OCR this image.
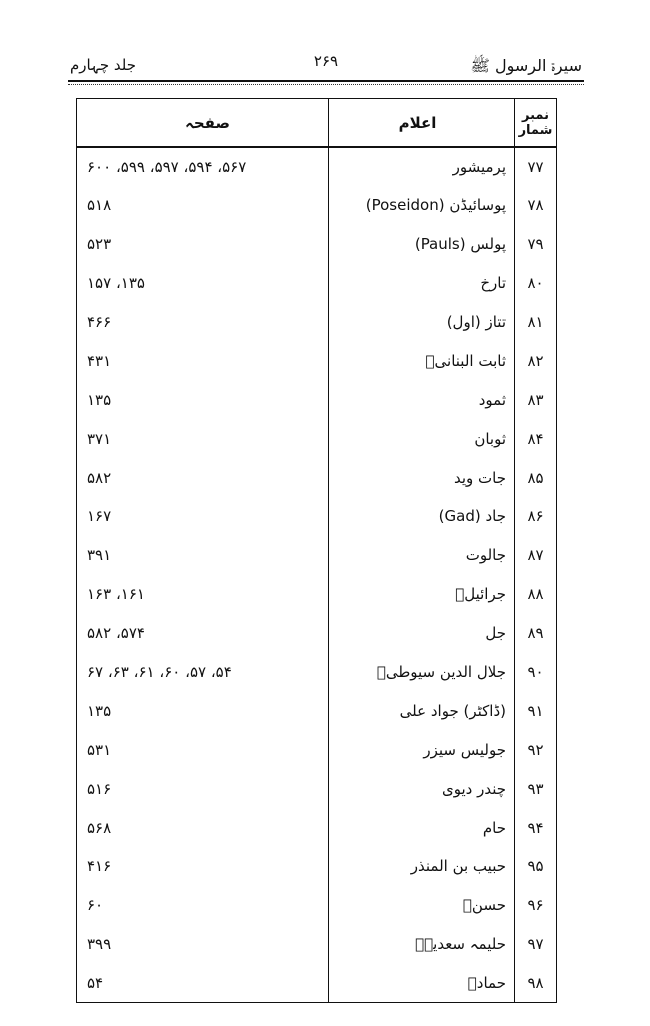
جلد چہارم	۲۶۹	سیرۃ الرسول ﷺ
نمبر شمار	اعلام	صفحہ
۷۷	پرمیشور	۵۶۷، ۵۹۴، ۵۹۷، ۵۹۹، ۶۰۰
۷۸	پوسائیڈن (Poseidon)	۵۱۸
۷۹	پولس (Pauls)	۵۲۳
۸۰	تارخ	۱۳۵، ۱۵۷
۸۱	تتاز (اول)	۴۶۶
۸۲	ثابت البنانیؒ	۴۳۱
۸۳	ثمود	۱۳۵
۸۴	ثوبان	۳۷۱
۸۵	جات وید	۵۸۲
۸۶	جاد (Gad)	۱۶۷
۸۷	جالوت	۳۹۱
۸۸	جرائیلؑ	۱۶۱، ۱۶۳
۸۹	جل	۵۷۴، ۵۸۲
۹۰	جلال الدین سیوطیؒ	۵۴، ۵۷، ۶۰، ۶۱، ۶۳، ۶۷
۹۱	(ڈاکٹر) جواد علی	۱۳۵
۹۲	جولیس سیزر	۵۳۱
۹۳	چندر دیوی	۵۱۶
۹۴	حام	۵۶۸
۹۵	حبیب بن المنذر	۴۱۶
۹۶	حسنؓ	۶۰
۹۷	حلیمہ سعدیہؓ	۳۹۹
۹۸	حمادؒ	۵۴
